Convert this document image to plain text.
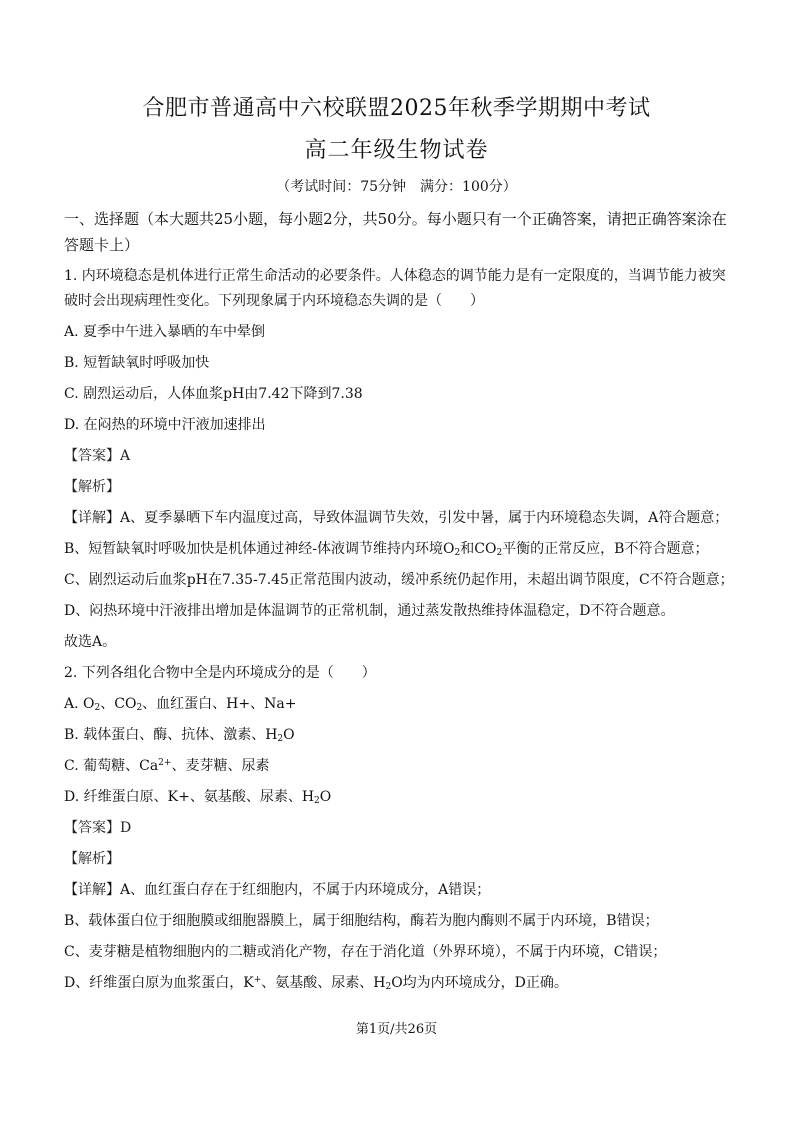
合肥市普通高中六校联盟2025年秋季学期期中考试
高二年级生物试卷
（考试时间：75分钟　满分：100分）
一、选择题（本大题共25小题，每小题2分，共50分。每小题只有一个正确答案，请把正确答案涂在答题卡上）
1. 内环境稳态是机体进行正常生命活动的必要条件。人体稳态的调节能力是有一定限度的，当调节能力被突破时会出现病理性变化。下列现象属于内环境稳态失调的是（　　）
A. 夏季中午进入暴晒的车中晕倒
B. 短暂缺氧时呼吸加快
C. 剧烈运动后，人体血浆pH由7.42下降到7.38
D. 在闷热的环境中汗液加速排出
【答案】A
【解析】
【详解】A、夏季暴晒下车内温度过高，导致体温调节失效，引发中暑，属于内环境稳态失调，A符合题意；
B、短暂缺氧时呼吸加快是机体通过神经-体液调节维持内环境$O_2$和$CO_2$平衡的正常反应，B不符合题意；
C、剧烈运动后血浆pH在7.35-7.45正常范围内波动，缓冲系统仍起作用，未超出调节限度，C不符合题意；
D、闷热环境中汗液排出增加是体温调节的正常机制，通过蒸发散热维持体温稳定，D不符合题意。
故选A。
2. 下列各组化合物中全是内环境成分的是（　　）
A. $O_2$、$CO_2$、血红蛋白、H+、Na+
B. 载体蛋白、酶、抗体、激素、$H_2O$
C. 葡萄糖、$Ca^{2+}$、麦芽糖、尿素
D. 纤维蛋白原、K+、氨基酸、尿素、$H_2O$
【答案】D
【解析】
【详解】A、血红蛋白存在于红细胞内，不属于内环境成分，A错误；
B、载体蛋白位于细胞膜或细胞器膜上，属于细胞结构，酶若为胞内酶则不属于内环境，B错误；
C、麦芽糖是植物细胞内的二糖或消化产物，存在于消化道（外界环境），不属于内环境，C错误；
D、纤维蛋白原为血浆蛋白，K+、氨基酸、尿素、$H_2O$均为内环境成分，D正确。
第1页/共26页
